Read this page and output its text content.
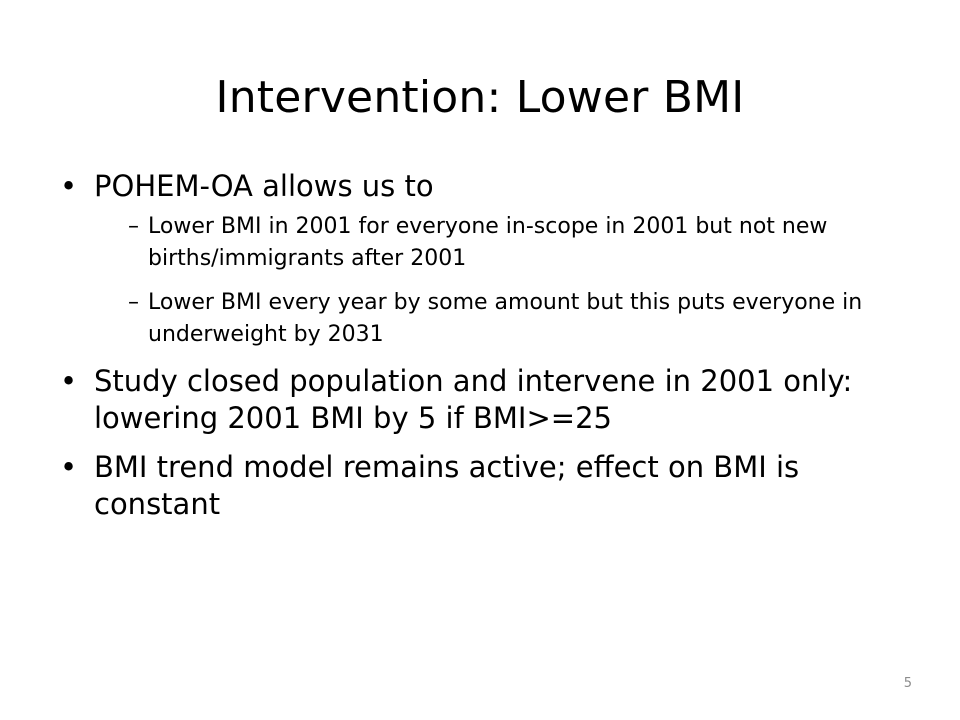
Intervention: Lower BMI
• POHEM-OA allows us to
– Lower BMI in 2001 for everyone in-scope in 2001 but not new births/immigrants after 2001
– Lower BMI every year by some amount but this puts everyone in underweight by 2031
• Study closed population and intervene in 2001 only: lowering 2001 BMI by 5 if BMI>=25
• BMI trend model remains active; effect on BMI is constant
5
